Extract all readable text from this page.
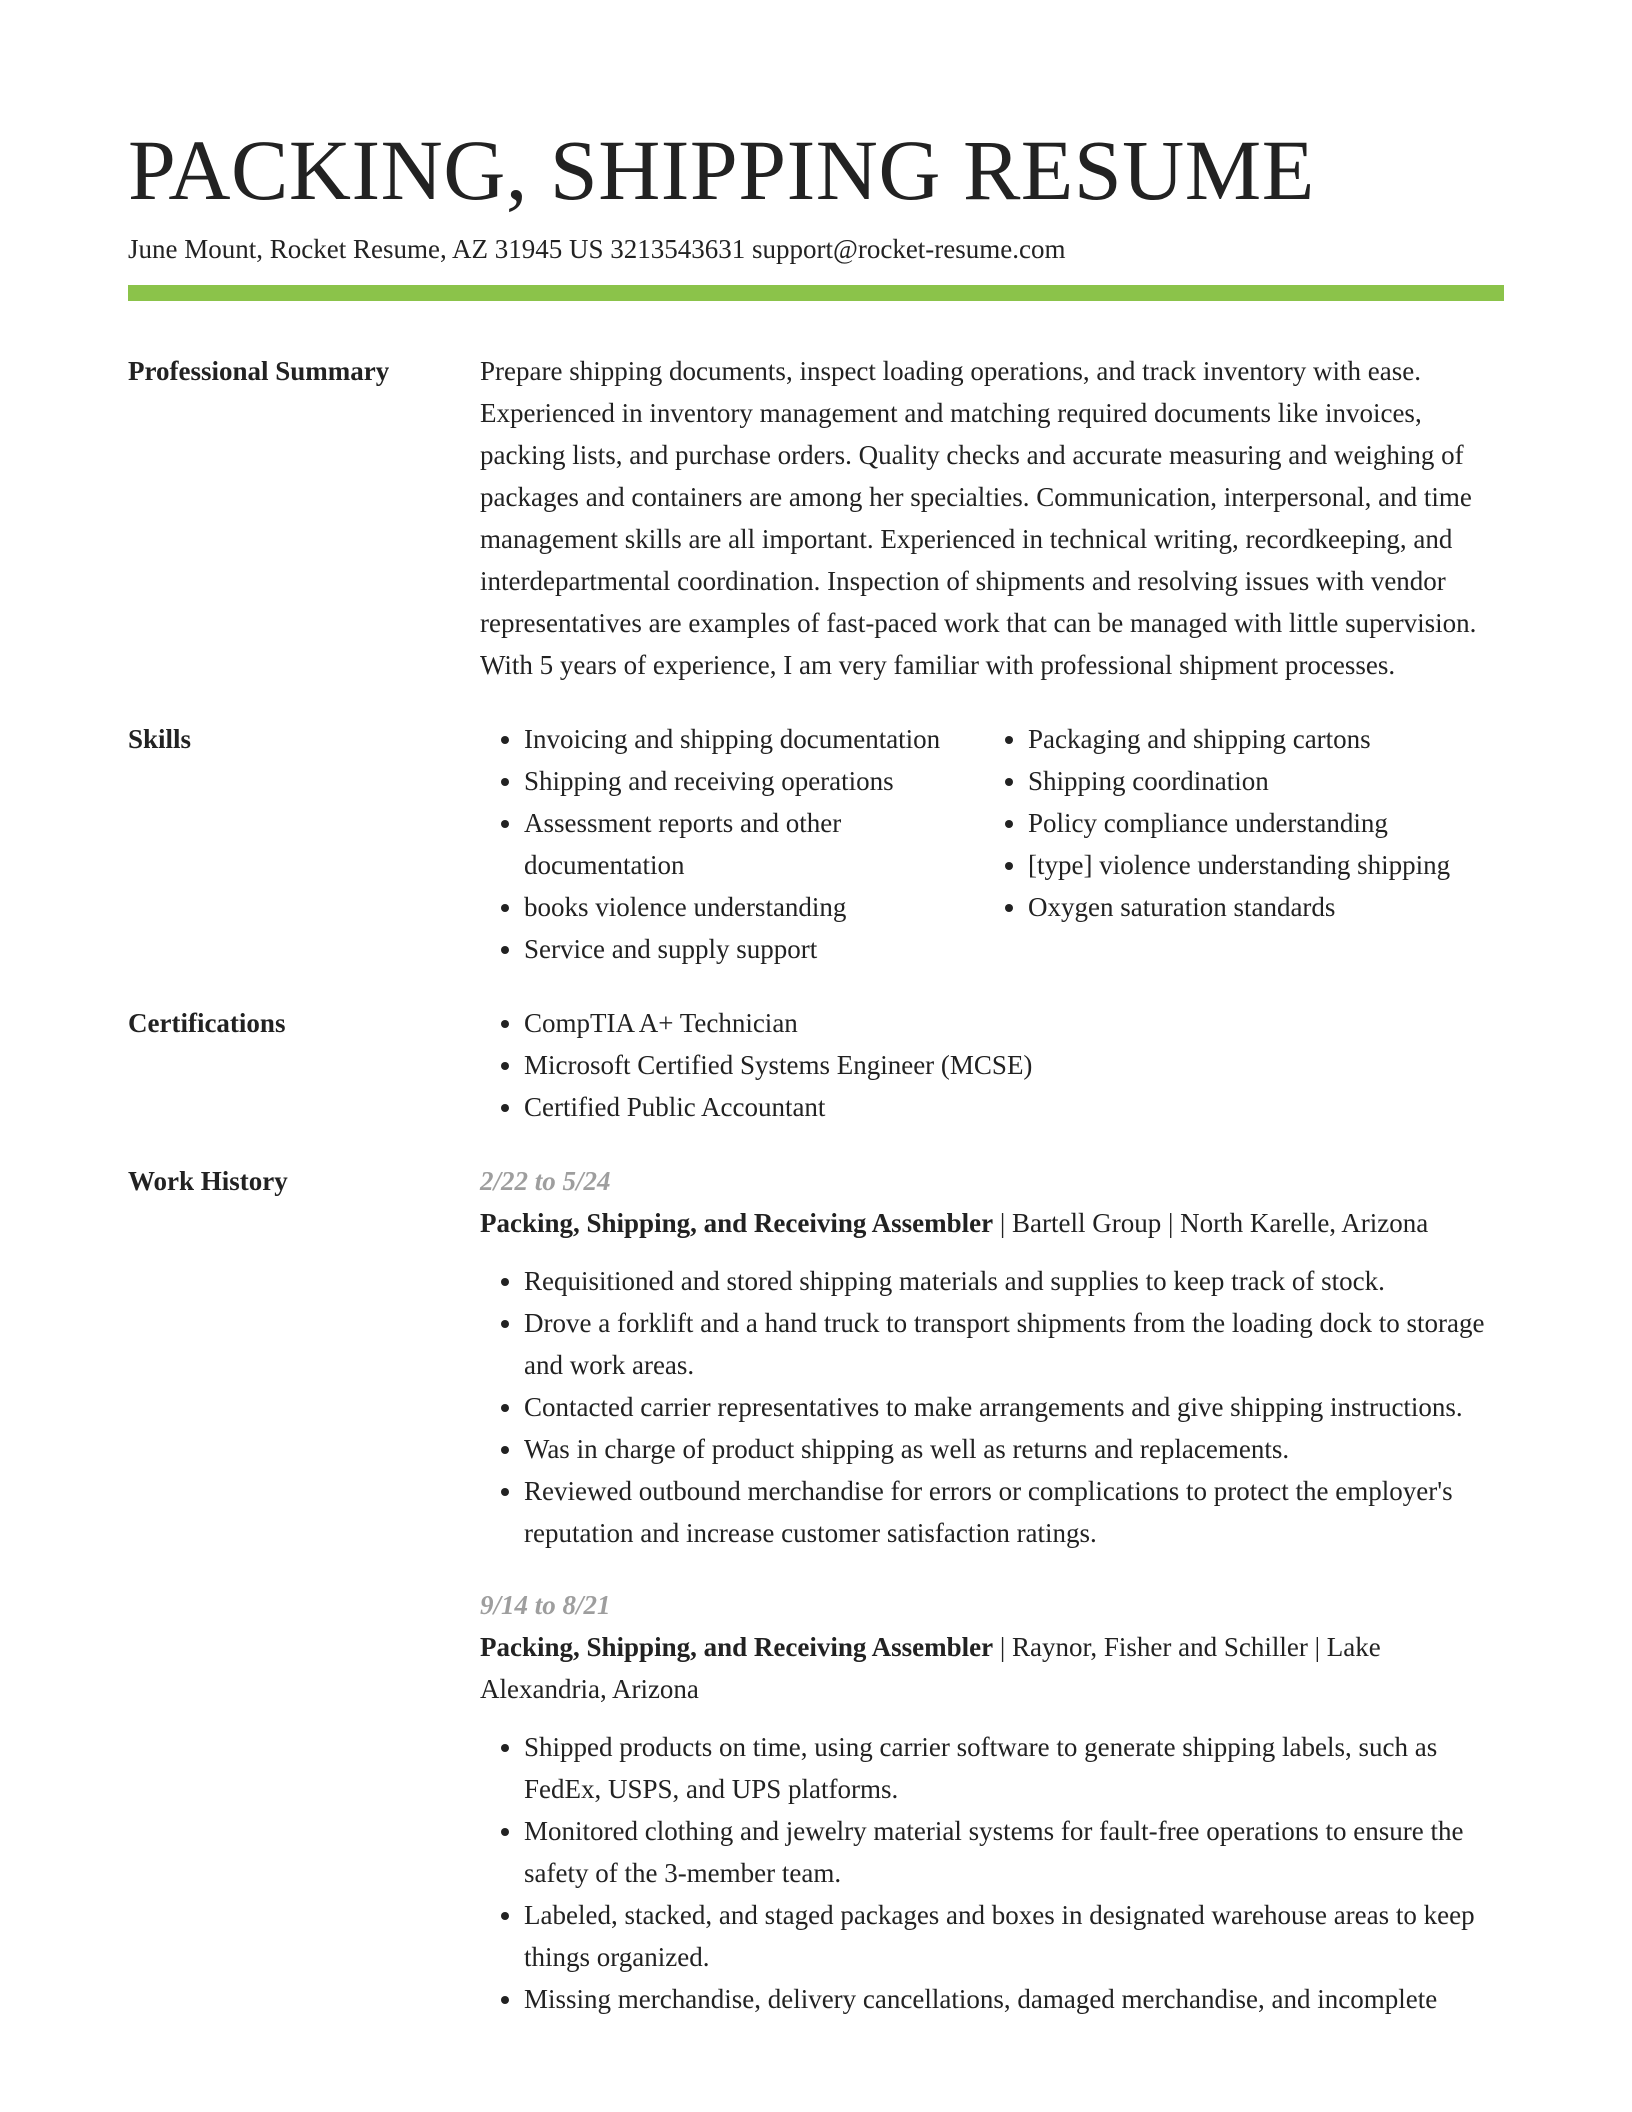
PACKING, SHIPPING RESUME
June Mount, Rocket Resume, AZ 31945 US 3213543631 support@rocket-resume.com
Professional Summary	Prepare shipping documents, inspect loading operations, and track inventory with ease. Experienced in inventory management and matching required documents like invoices, packing lists, and purchase orders. Quality checks and accurate measuring and weighing of packages and containers are among her specialties. Communication, interpersonal, and time management skills are all important. Experienced in technical writing, recordkeeping, and interdepartmental coordination. Inspection of shipments and resolving issues with vendor representatives are examples of fast-paced work that can be managed with little supervision. With 5 years of experience, I am very familiar with professional shipment processes.

Skills	• Invoicing and shipping documentation
• Shipping and receiving operations
• Assessment reports and other documentation
• books violence understanding
• Service and supply support
• Packaging and shipping cartons
• Shipping coordination
• Policy compliance understanding
• [type] violence understanding shipping
• Oxygen saturation standards
Certifications	• CompTIA A+ Technician
• Microsoft Certified Systems Engineer (MCSE)
• Certified Public Accountant
Work History	2/22 to 5/24
Packing, Shipping, and Receiving Assembler | Bartell Group | North Karelle, Arizona
• Requisitioned and stored shipping materials and supplies to keep track of stock.
• Drove a forklift and a hand truck to transport shipments from the loading dock to storage and work areas.
• Contacted carrier representatives to make arrangements and give shipping instructions.
• Was in charge of product shipping as well as returns and replacements.
• Reviewed outbound merchandise for errors or complications to protect the employer's reputation and increase customer satisfaction ratings.
9/14 to 8/21
Packing, Shipping, and Receiving Assembler | Raynor, Fisher and Schiller | Lake Alexandria, Arizona
• Shipped products on time, using carrier software to generate shipping labels, such as FedEx, USPS, and UPS platforms.
• Monitored clothing and jewelry material systems for fault-free operations to ensure the safety of the 3-member team.
• Labeled, stacked, and staged packages and boxes in designated warehouse areas to keep things organized.
• Missing merchandise, delivery cancellations, damaged merchandise, and incomplete
